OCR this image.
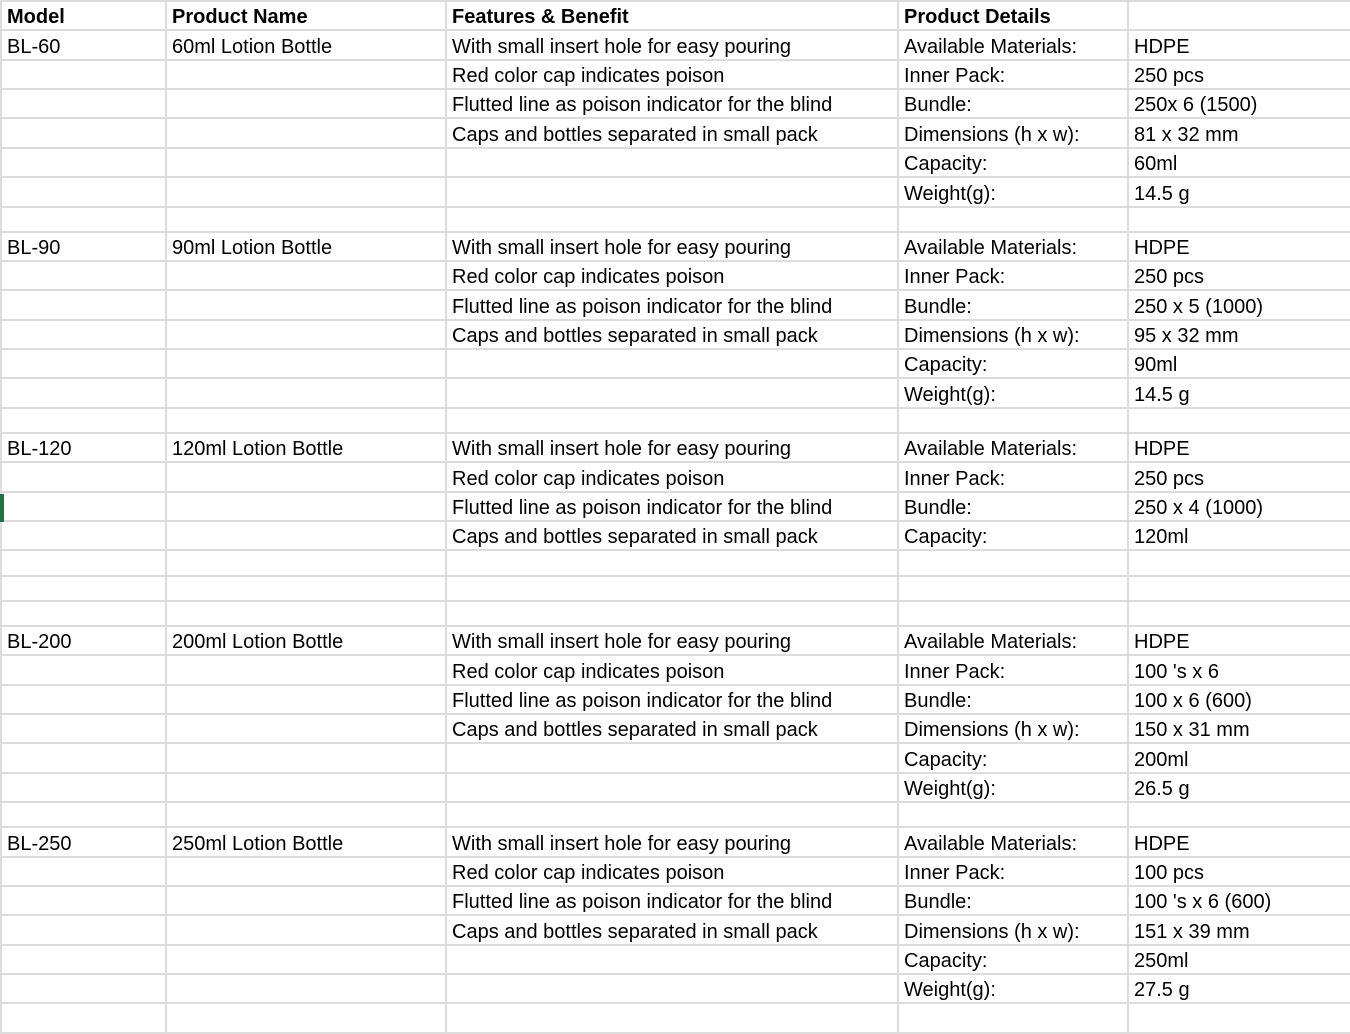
Model	Product Name	Features & Benefit	Product Details	
BL-60	60ml Lotion Bottle	With small insert hole for easy pouring	Available Materials:	HDPE
		Red color cap indicates poison	Inner Pack:	250 pcs
		Flutted line as poison indicator for the blind	Bundle:	250x 6 (1500)
		Caps and bottles separated in small pack	Dimensions (h x w):	81 x 32 mm
			Capacity:	60ml
			Weight(g):	14.5 g

BL-90	90ml Lotion Bottle	With small insert hole for easy pouring	Available Materials:	HDPE
		Red color cap indicates poison	Inner Pack:	250 pcs
		Flutted line as poison indicator for the blind	Bundle:	250 x 5 (1000)
		Caps and bottles separated in small pack	Dimensions (h x w):	95 x 32 mm
			Capacity:	90ml
			Weight(g):	14.5 g

BL-120	120ml Lotion Bottle	With small insert hole for easy pouring	Available Materials:	HDPE
		Red color cap indicates poison	Inner Pack:	250 pcs
		Flutted line as poison indicator for the blind	Bundle:	250 x 4 (1000)
		Caps and bottles separated in small pack	Capacity:	120ml

BL-200	200ml Lotion Bottle	With small insert hole for easy pouring	Available Materials:	HDPE
		Red color cap indicates poison	Inner Pack:	100 's x 6
		Flutted line as poison indicator for the blind	Bundle:	100 x 6 (600)
		Caps and bottles separated in small pack	Dimensions (h x w):	150 x 31 mm
			Capacity:	200ml
			Weight(g):	26.5 g

BL-250	250ml Lotion Bottle	With small insert hole for easy pouring	Available Materials:	HDPE
		Red color cap indicates poison	Inner Pack:	100 pcs
		Flutted line as poison indicator for the blind	Bundle:	100 's x 6 (600)
		Caps and bottles separated in small pack	Dimensions (h x w):	151 x 39 mm
			Capacity:	250ml
			Weight(g):	27.5 g
